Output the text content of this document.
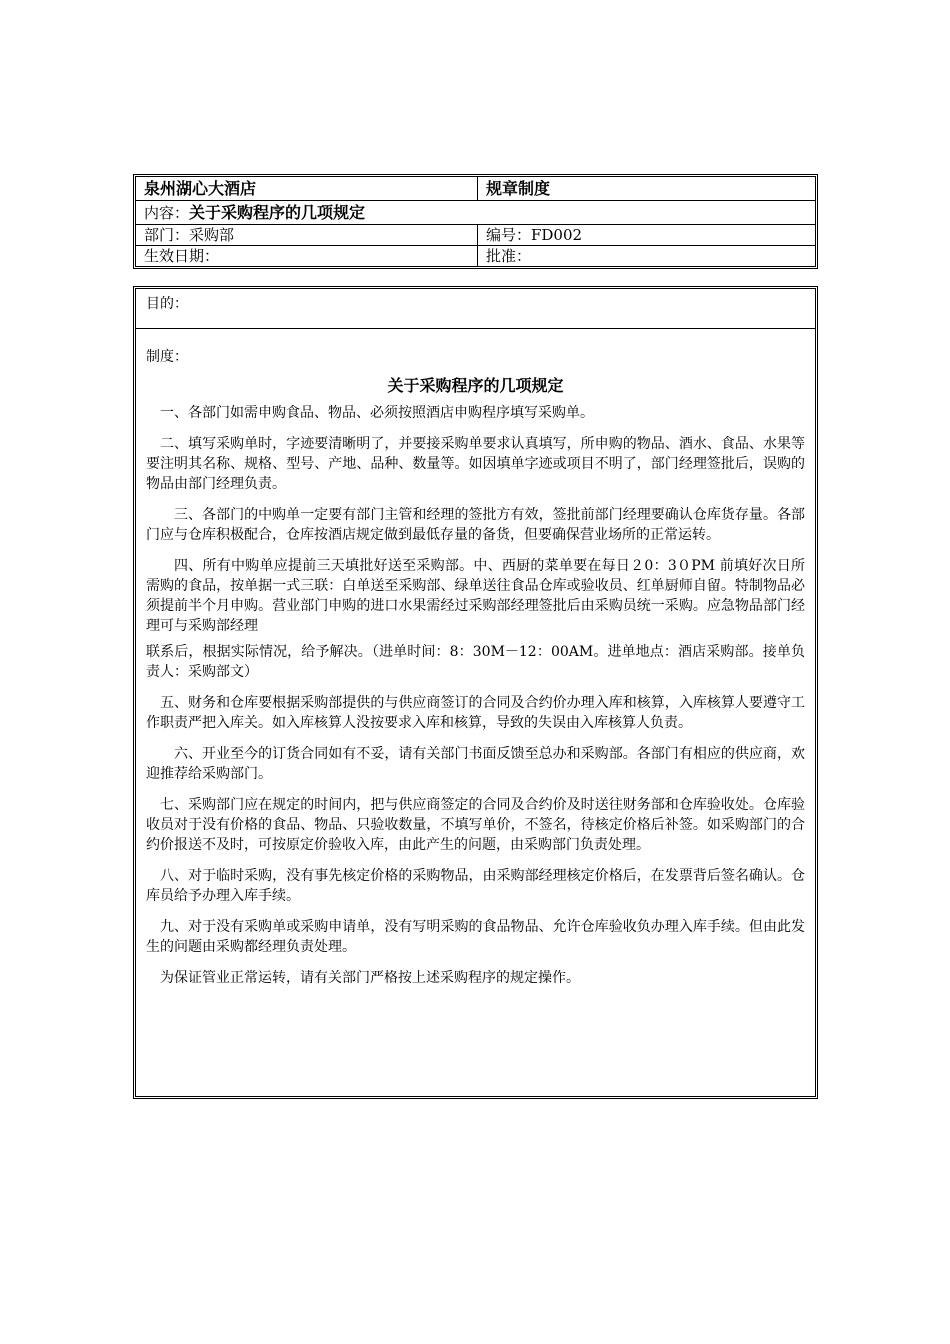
泉州湖心大酒店	规章制度
内容：关于采购程序的几项规定
部门：采购部	编号：FD002
生效日期：	批准：
目的：
制度：
关于采购程序的几项规定

一、各部门如需申购食品、物品、必须按照酒店申购程序填写采购单。

二、填写采购单时，字迹要清晰明了，并要接采购单要求认真填写，所申购的物品、酒水、食品、水果等要注明其名称、规格、型号、产地、品种、数量等。如因填单字迹或项目不明了，部门经理签批后，误购的物品由部门经理负责。

三、各部门的中购单一定要有部门主管和经理的签批方有效，签批前部门经理要确认仓库货存量。各部门应与仓库积极配合，仓库按酒店规定做到最低存量的备货，但要确保营业场所的正常运转。

四、所有中购单应提前三天填批好送至采购部。中、西厨的菜单要在每日２0：3０PM 前填好次日所需购的食品，按单据一式三联：白单送至采购部、绿单送往食品仓库或验收员、红单厨师自留。特制物品必须提前半个月申购。营业部门申购的进口水果需经过采购部经理签批后由采购员统一采购。应急物品部门经理可与采购部经理

联系后，根据实际情况，给予解决。（进单时间：8：30M－12：00AM。进单地点：酒店采购部。接单负责人：采购部文）

五、财务和仓库要根据采购部提供的与供应商签订的合同及合约价办理入库和核算，入库核算人要遵守工作职责严把入库关。如入库核算人没按要求入库和核算，导致的失误由入库核算人负责。

六、开业至今的订货合同如有不妥，请有关部门书面反馈至总办和采购部。各部门有相应的供应商，欢迎推荐给采购部门。

七、采购部门应在规定的时间内，把与供应商签定的合同及合约价及时送往财务部和仓库验收处。仓库验收员对于没有价格的食品、物品、只验收数量，不填写单价，不签名，待核定价格后补签。如采购部门的合约价报送不及时，可按原定价验收入库，由此产生的问题，由采购部门负责处理。

八、对于临时采购，没有事先核定价格的采购物品，由采购部经理核定价格后，在发票背后签名确认。仓库员给予办理入库手续。

九、对于没有采购单或采购申请单，没有写明采购的食品物品、允许仓库验收负办理入库手续。但由此发生的问题由采购都经理负责处理。

为保证管业正常运转，请有关部门严格按上述采购程序的规定操作。
